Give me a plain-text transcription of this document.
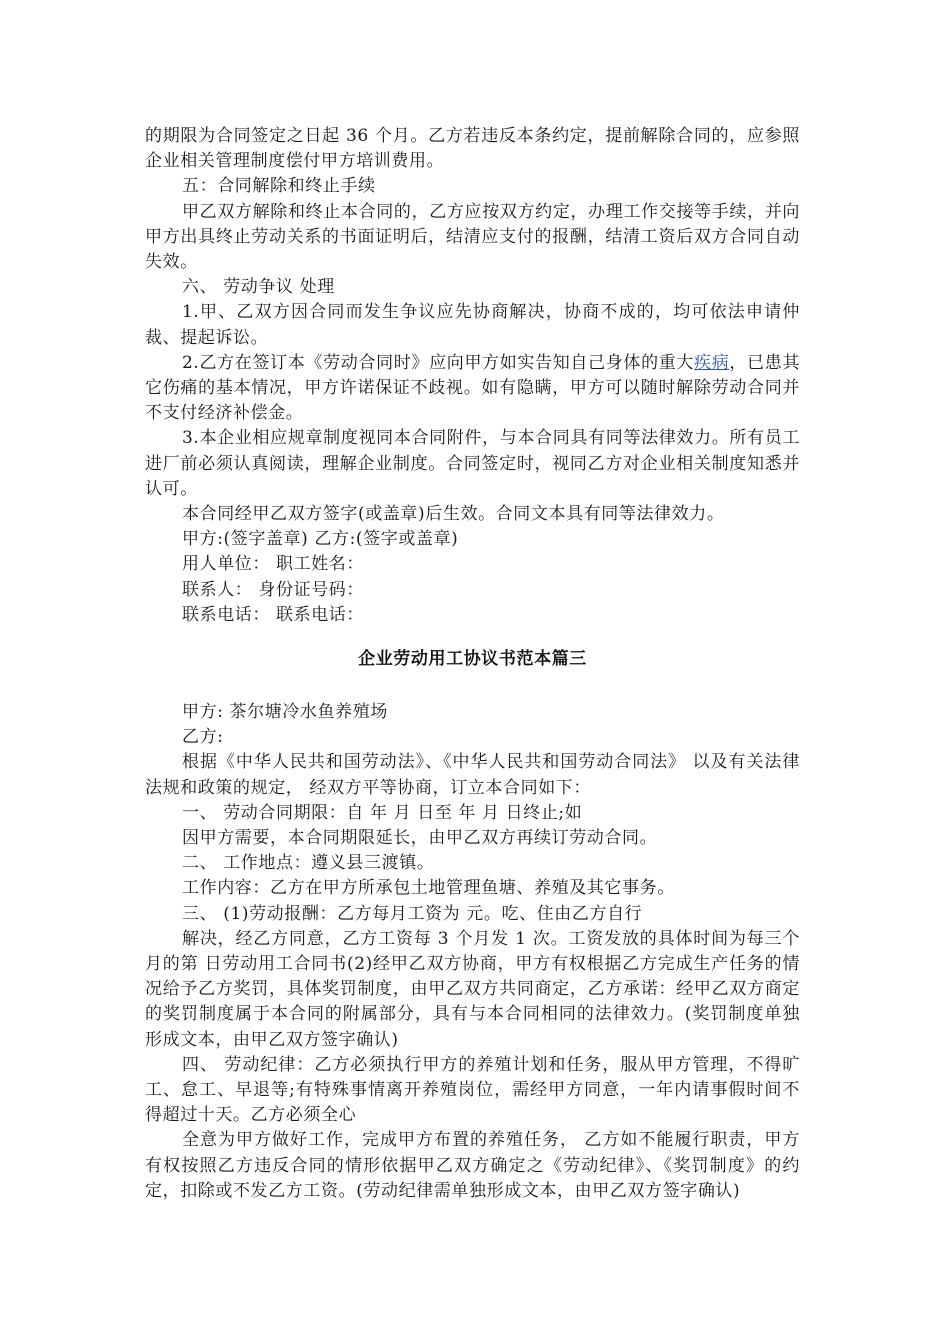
的期限为合同签定之日起 36 个月。乙方若违反本条约定，提前解除合同的，应参照企业相关管理制度偿付甲方培训费用。

五：合同解除和终止手续

甲乙双方解除和终止本合同的，乙方应按双方约定，办理工作交接等手续，并向甲方出具终止劳动关系的书面证明后，结清应支付的报酬，结清工资后双方合同自动失效。

六、 劳动争议 处理

1.甲、乙双方因合同而发生争议应先协商解决，协商不成的，均可依法申请仲裁、提起诉讼。

2.乙方在签订本《劳动合同时》应向甲方如实告知自己身体的重大疾病，已患其它伤痛的基本情况，甲方许诺保证不歧视。如有隐瞒，甲方可以随时解除劳动合同并不支付经济补偿金。

3.本企业相应规章制度视同本合同附件，与本合同具有同等法律效力。所有员工进厂前必须认真阅读，理解企业制度。合同签定时，视同乙方对企业相关制度知悉并认可。

本合同经甲乙双方签字(或盖章)后生效。合同文本具有同等法律效力。

甲方:(签字盖章) 乙方:(签字或盖章)

用人单位： 职工姓名：

联系人： 身份证号码：

联系电话： 联系电话：

企业劳动用工协议书范本篇三

甲方: 茶尔塘冷水鱼养殖场

乙方:

根据《中华人民共和国劳动法》、《中华人民共和国劳动合同法》 以及有关法律法规和政策的规定， 经双方平等协商，订立本合同如下：

一、 劳动合同期限：自 年 月 日至 年 月 日终止;如

因甲方需要，本合同期限延长，由甲乙双方再续订劳动合同。

二、 工作地点：遵义县三渡镇。

工作内容：乙方在甲方所承包土地管理鱼塘、养殖及其它事务。

三、 (1)劳动报酬：乙方每月工资为 元。吃、住由乙方自行

解决，经乙方同意，乙方工资每 3 个月发 1 次。工资发放的具体时间为每三个月的第 日劳动用工合同书(2)经甲乙双方协商，甲方有权根据乙方完成生产任务的情况给予乙方奖罚，具体奖罚制度，由甲乙双方共同商定，乙方承诺：经甲乙双方商定的奖罚制度属于本合同的附属部分，具有与本合同相同的法律效力。(奖罚制度单独形成文本，由甲乙双方签字确认)

四、 劳动纪律：乙方必须执行甲方的养殖计划和任务，服从甲方管理，不得旷工、怠工、早退等;有特殊事情离开养殖岗位，需经甲方同意，一年内请事假时间不得超过十天。乙方必须全心

全意为甲方做好工作，完成甲方布置的养殖任务， 乙方如不能履行职责，甲方有权按照乙方违反合同的情形依据甲乙双方确定之《劳动纪律》、《奖罚制度》的约定，扣除或不发乙方工资。(劳动纪律需单独形成文本，由甲乙双方签字确认)
